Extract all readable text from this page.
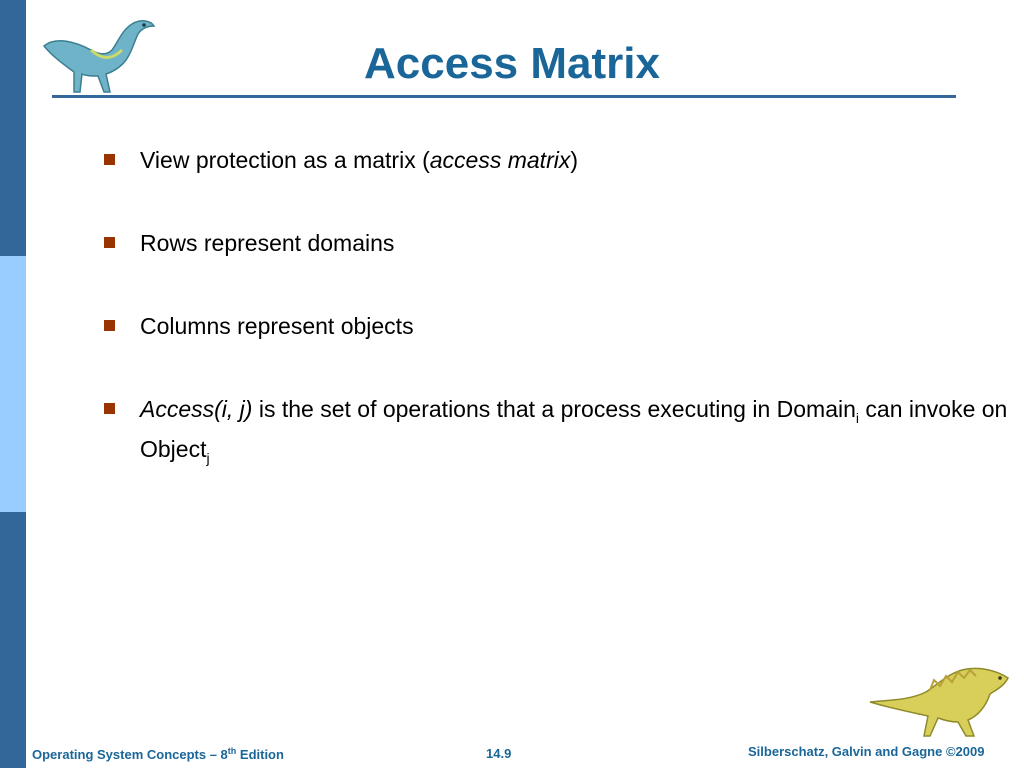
Access Matrix
View protection as a matrix (access matrix)
Rows represent domains
Columns represent objects
Access(i, j) is the set of operations that a process executing in Domain$_i$ can invoke on Object$_j$
Operating System Concepts – 8th Edition	14.9	Silberschatz, Galvin and Gagne ©2009
